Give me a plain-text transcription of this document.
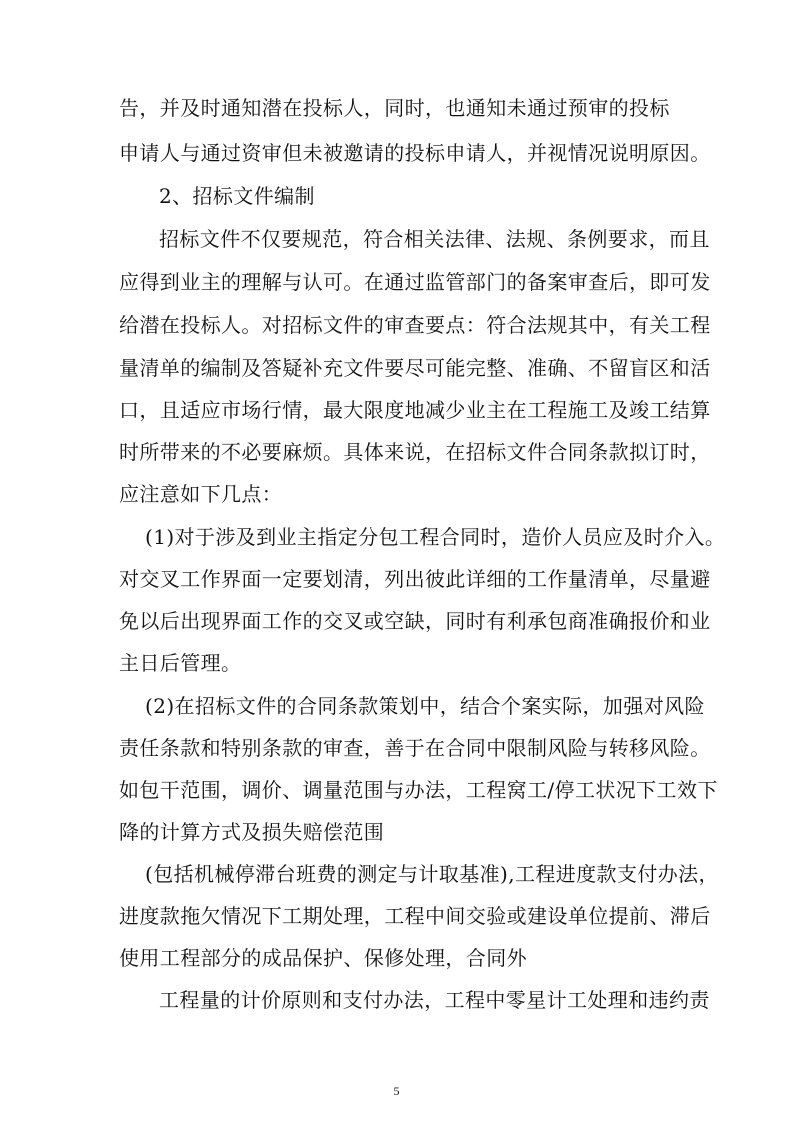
告，并及时通知潜在投标人，同时，也通知未通过预审的投标
申请人与通过资审但未被邀请的投标申请人，并视情况说明原因。
2、招标文件编制
招标文件不仅要规范，符合相关法律、法规、条例要求，而且
应得到业主的理解与认可。在通过监管部门的备案审查后，即可发
给潜在投标人。对招标文件的审查要点：符合法规其中，有关工程
量清单的编制及答疑补充文件要尽可能完整、准确、不留盲区和活
口，且适应市场行情，最大限度地减少业主在工程施工及竣工结算
时所带来的不必要麻烦。具体来说，在招标文件合同条款拟订时，
应注意如下几点：
(1)对于涉及到业主指定分包工程合同时，造价人员应及时介入。
对交叉工作界面一定要划清，列出彼此详细的工作量清单，尽量避
免以后出现界面工作的交叉或空缺，同时有利承包商准确报价和业
主日后管理。
(2)在招标文件的合同条款策划中，结合个案实际，加强对风险
责任条款和特别条款的审查，善于在合同中限制风险与转移风险。
如包干范围，调价、调量范围与办法，工程窝工/停工状况下工效下
降的计算方式及损失赔偿范围
(包括机械停滞台班费的测定与计取基准),工程进度款支付办法，
进度款拖欠情况下工期处理，工程中间交验或建设单位提前、滞后
使用工程部分的成品保护、保修处理，合同外
工程量的计价原则和支付办法，工程中零星计工处理和违约责
5
